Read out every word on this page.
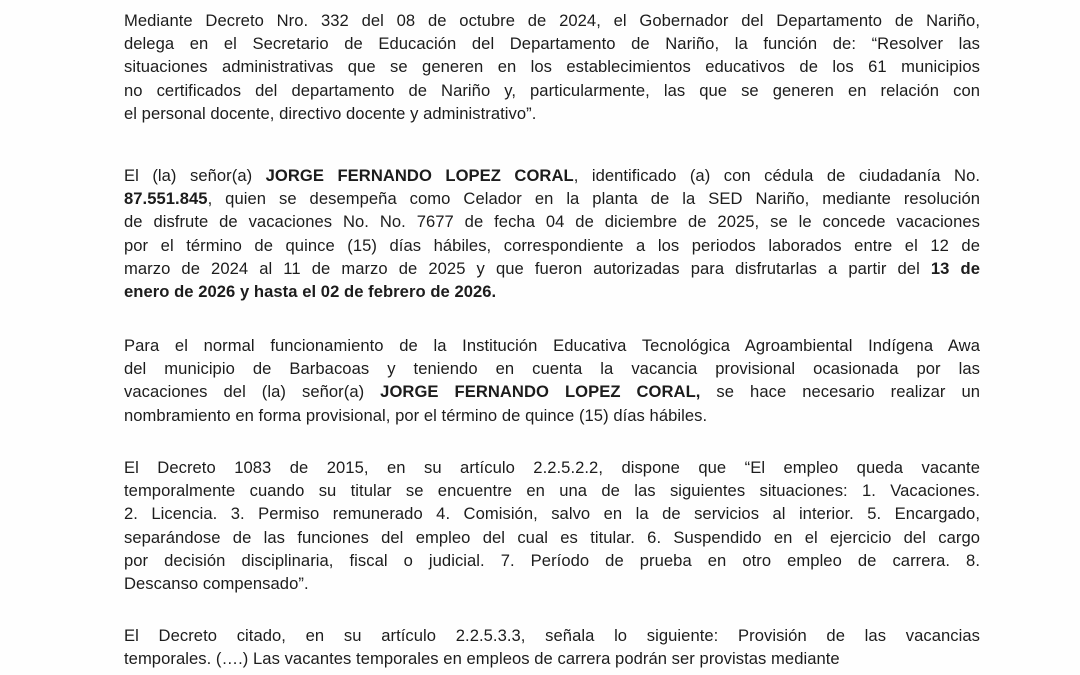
Mediante Decreto Nro. 332 del 08 de octubre de 2024, el Gobernador del Departamento de Nariño,
delega en el Secretario de Educación del Departamento de Nariño, la función de: “Resolver las
situaciones administrativas que se generen en los establecimientos educativos de los 61 municipios
no certificados del departamento de Nariño y, particularmente, las que se generen en relación con
el personal docente, directivo docente y administrativo”.
El (la) señor(a) JORGE FERNANDO LOPEZ CORAL, identificado (a) con cédula de ciudadanía No.
87.551.845, quien se desempeña como Celador en la planta de la SED Nariño, mediante resolución
de disfrute de vacaciones No. No. 7677 de fecha 04 de diciembre de 2025, se le concede vacaciones
por el término de quince (15) días hábiles, correspondiente a los periodos laborados entre el 12 de
marzo de 2024 al 11 de marzo de 2025 y que fueron autorizadas para disfrutarlas a partir del 13 de
enero de 2026 y hasta el 02 de febrero de 2026.
Para el normal funcionamiento de la Institución Educativa Tecnológica Agroambiental Indígena Awa
del municipio de Barbacoas y teniendo en cuenta la vacancia provisional ocasionada por las
vacaciones del (la) señor(a) JORGE FERNANDO LOPEZ CORAL, se hace necesario realizar un
nombramiento en forma provisional, por el término de quince (15) días hábiles.
El Decreto 1083 de 2015, en su artículo 2.2.5.2.2, dispone que “El empleo queda vacante
temporalmente cuando su titular se encuentre en una de las siguientes situaciones: 1. Vacaciones.
2. Licencia. 3. Permiso remunerado 4. Comisión, salvo en la de servicios al interior. 5. Encargado,
separándose de las funciones del empleo del cual es titular. 6. Suspendido en el ejercicio del cargo
por decisión disciplinaria, fiscal o judicial. 7. Período de prueba en otro empleo de carrera. 8.
Descanso compensado”.
El Decreto citado, en su artículo 2.2.5.3.3, señala lo siguiente: Provisión de las vacancias
temporales. (….) Las vacantes temporales en empleos de carrera podrán ser provistas mediante
